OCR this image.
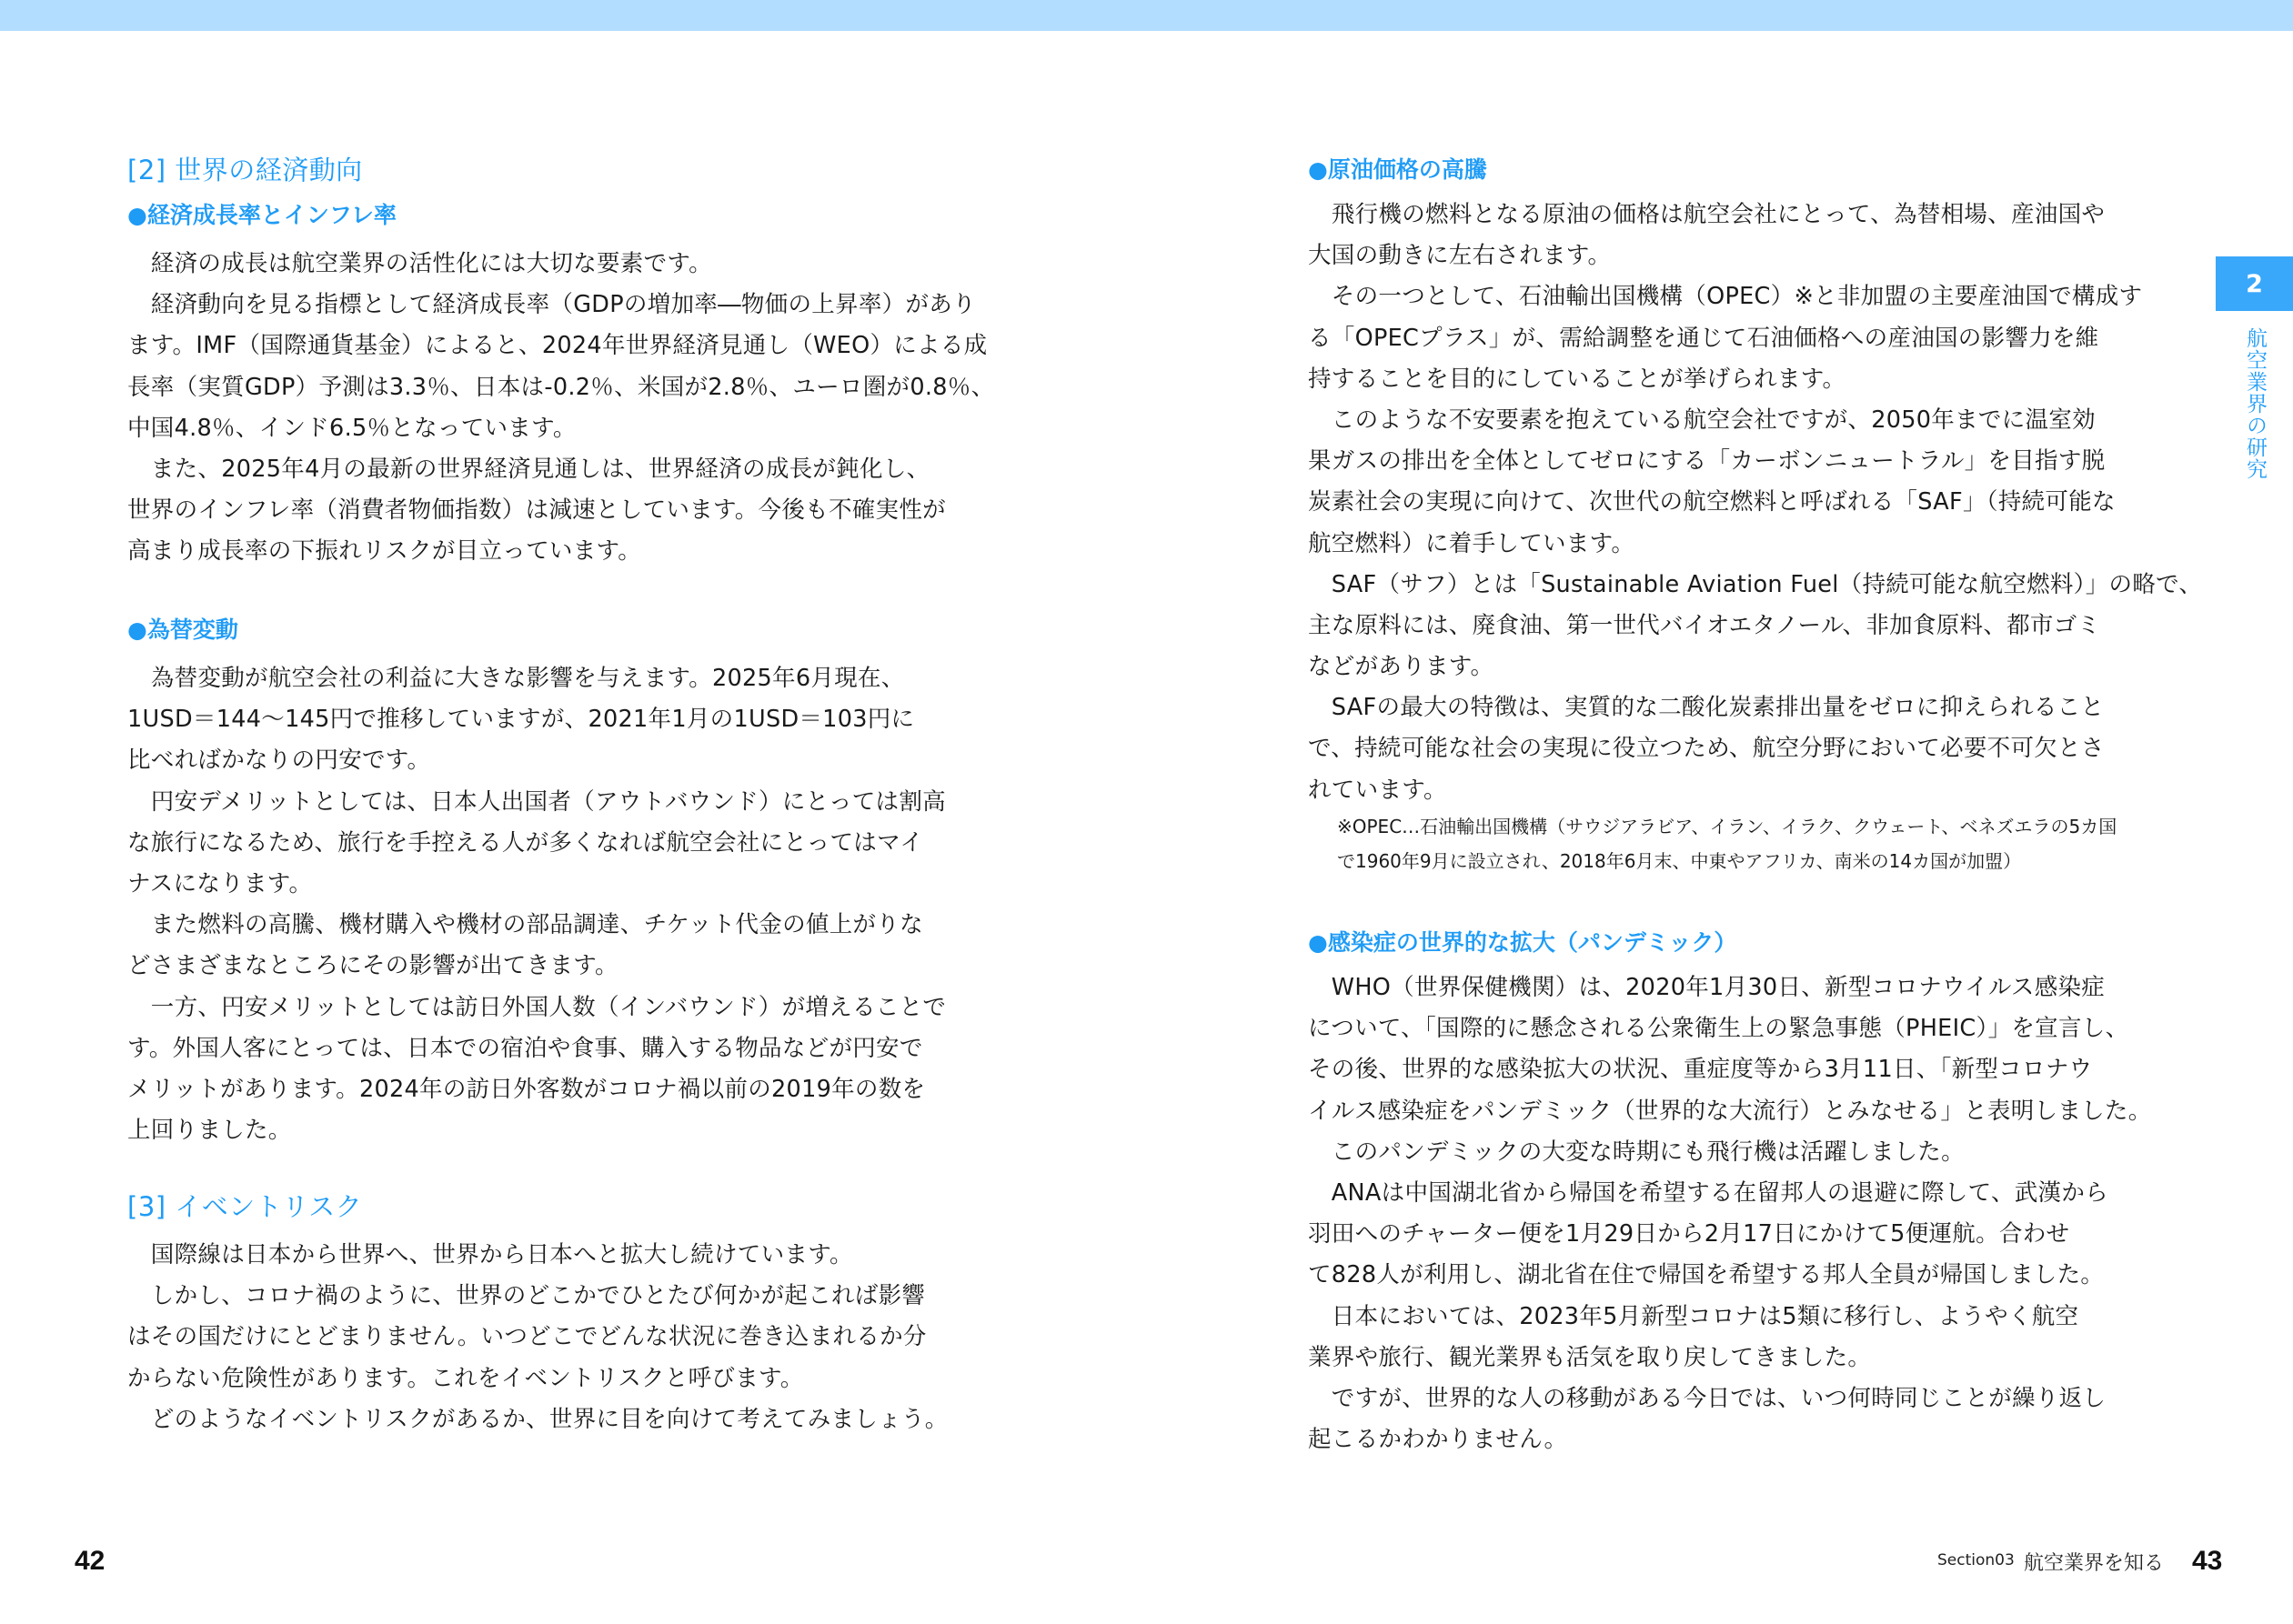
[2] 世界の経済動向
●経済成長率とインフレ率
　経済の成長は航空業界の活性化には大切な要素です。
　経済動向を見る指標として経済成長率（GDPの増加率―物価の上昇率）があり
ます。IMF（国際通貨基金）によると、2024年世界経済見通し（WEO）による成
長率（実質GDP）予測は3.3％、日本は-0.2％、米国が2.8％、ユーロ圏が0.8％、
中国4.8％、インド6.5％となっています。
　また、2025年4月の最新の世界経済見通しは、世界経済の成長が鈍化し、
世界のインフレ率（消費者物価指数）は減速としています。今後も不確実性が
高まり成長率の下振れリスクが目立っています。
●為替変動
　為替変動が航空会社の利益に大きな影響を与えます。2025年6月現在、
1USD＝144～145円で推移していますが、2021年1月の1USD＝103円に
比べればかなりの円安です。
　円安デメリットとしては、日本人出国者（アウトバウンド）にとっては割高
な旅行になるため、旅行を手控える人が多くなれば航空会社にとってはマイ
ナスになります。
　また燃料の高騰、機材購入や機材の部品調達、チケット代金の値上がりな
どさまざまなところにその影響が出てきます。
　一方、円安メリットとしては訪日外国人数（インバウンド）が増えることで
す。外国人客にとっては、日本での宿泊や食事、購入する物品などが円安で
メリットがあります。2024年の訪日外客数がコロナ禍以前の2019年の数を
上回りました。
[3] イベントリスク
　国際線は日本から世界へ、世界から日本へと拡大し続けています。
　しかし、コロナ禍のように、世界のどこかでひとたび何かが起これば影響
はその国だけにとどまりません。いつどこでどんな状況に巻き込まれるか分
からない危険性があります。これをイベントリスクと呼びます。
　どのようなイベントリスクがあるか、世界に目を向けて考えてみましょう。
42
●原油価格の高騰
　飛行機の燃料となる原油の価格は航空会社にとって、為替相場、産油国や
大国の動きに左右されます。
　その一つとして、石油輸出国機構（OPEC）※と非加盟の主要産油国で構成す
る「OPECプラス」が、需給調整を通じて石油価格への産油国の影響力を維
持することを目的にしていることが挙げられます。
　このような不安要素を抱えている航空会社ですが、2050年までに温室効
果ガスの排出を全体としてゼロにする「カーボンニュートラル」を目指す脱
炭素社会の実現に向けて、次世代の航空燃料と呼ばれる「SAF」（持続可能な
航空燃料）に着手しています。
　SAF（サフ）とは「Sustainable Aviation Fuel（持続可能な航空燃料）」の略で、
主な原料には、廃食油、第一世代バイオエタノール、非加食原料、都市ゴミ
などがあります。
　SAFの最大の特徴は、実質的な二酸化炭素排出量をゼロに抑えられること
で、持続可能な社会の実現に役立つため、航空分野において必要不可欠とさ
れています。
※OPEC…石油輸出国機構（サウジアラビア、イラン、イラク、クウェート、ベネズエラの5カ国
で1960年9月に設立され、2018年6月末、中東やアフリカ、南米の14カ国が加盟）
●感染症の世界的な拡大（パンデミック）
　WHO（世界保健機関）は、2020年1月30日、新型コロナウイルス感染症
について、「国際的に懸念される公衆衛生上の緊急事態（PHEIC）」を宣言し、
その後、世界的な感染拡大の状況、重症度等から3月11日、「新型コロナウ
イルス感染症をパンデミック（世界的な大流行）とみなせる」と表明しました。
　このパンデミックの大変な時期にも飛行機は活躍しました。
　ANAは中国湖北省から帰国を希望する在留邦人の退避に際して、武漢から
羽田へのチャーター便を1月29日から2月17日にかけて5便運航。合わせ
て828人が利用し、湖北省在住で帰国を希望する邦人全員が帰国しました。
　日本においては、2023年5月新型コロナは5類に移行し、ようやく航空
業界や旅行、観光業界も活気を取り戻してきました。
　ですが、世界的な人の移動がある今日では、いつ何時同じことが繰り返し
起こるかわかりません。
2
航空業界の研究
Section03 航空業界を知る 43
